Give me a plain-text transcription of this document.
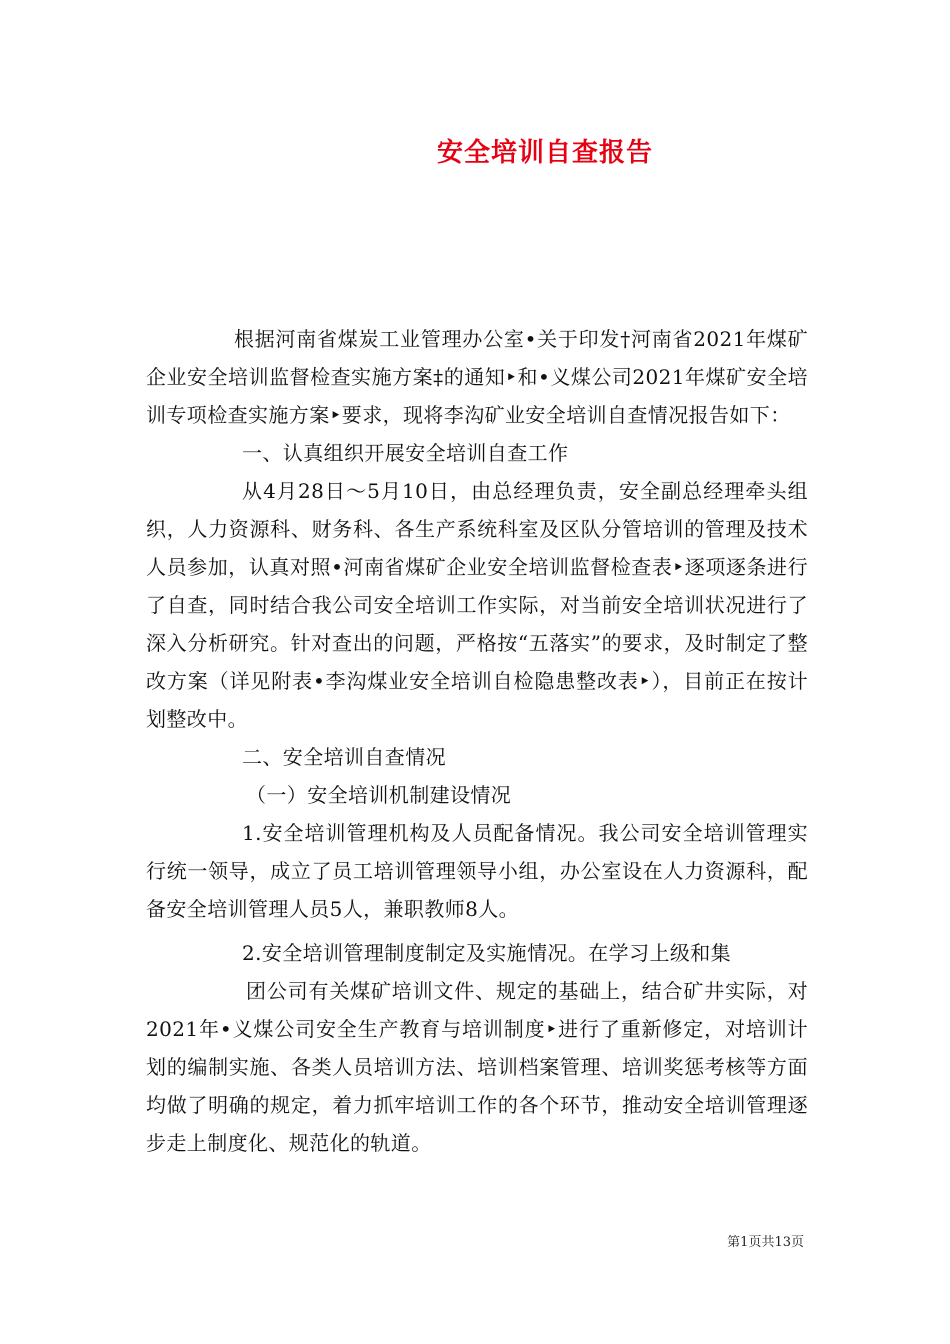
安全培训自查报告

根据河南省煤炭工业管理办公室•关于印发†河南省2021年煤矿企业安全培训监督检查实施方案‡的通知‣和•义煤公司2021年煤矿安全培训专项检查实施方案‣要求，现将李沟矿业安全培训自查情况报告如下：

一、认真组织开展安全培训自查工作

从4月28日～5月10日，由总经理负责，安全副总经理牵头组织，人力资源科、财务科、各生产系统科室及区队分管培训的管理及技术人员参加，认真对照•河南省煤矿企业安全培训监督检查表‣逐项逐条进行了自查，同时结合我公司安全培训工作实际，对当前安全培训状况进行了深入分析研究。针对查出的问题，严格按“五落实”的要求，及时制定了整改方案（详见附表•李沟煤业安全培训自检隐患整改表‣），目前正在按计划整改中。

二、安全培训自查情况

（一）安全培训机制建设情况

1.安全培训管理机构及人员配备情况。我公司安全培训管理实行统一领导，成立了员工培训管理领导小组，办公室设在人力资源科，配备安全培训管理人员5人，兼职教师8人。

2.安全培训管理制度制定及实施情况。在学习上级和集

团公司有关煤矿培训文件、规定的基础上，结合矿井实际，对2021年•义煤公司安全生产教育与培训制度‣进行了重新修定，对培训计划的编制实施、各类人员培训方法、培训档案管理、培训奖惩考核等方面均做了明确的规定，着力抓牢培训工作的各个环节，推动安全培训管理逐步走上制度化、规范化的轨道。

第1页共13页
